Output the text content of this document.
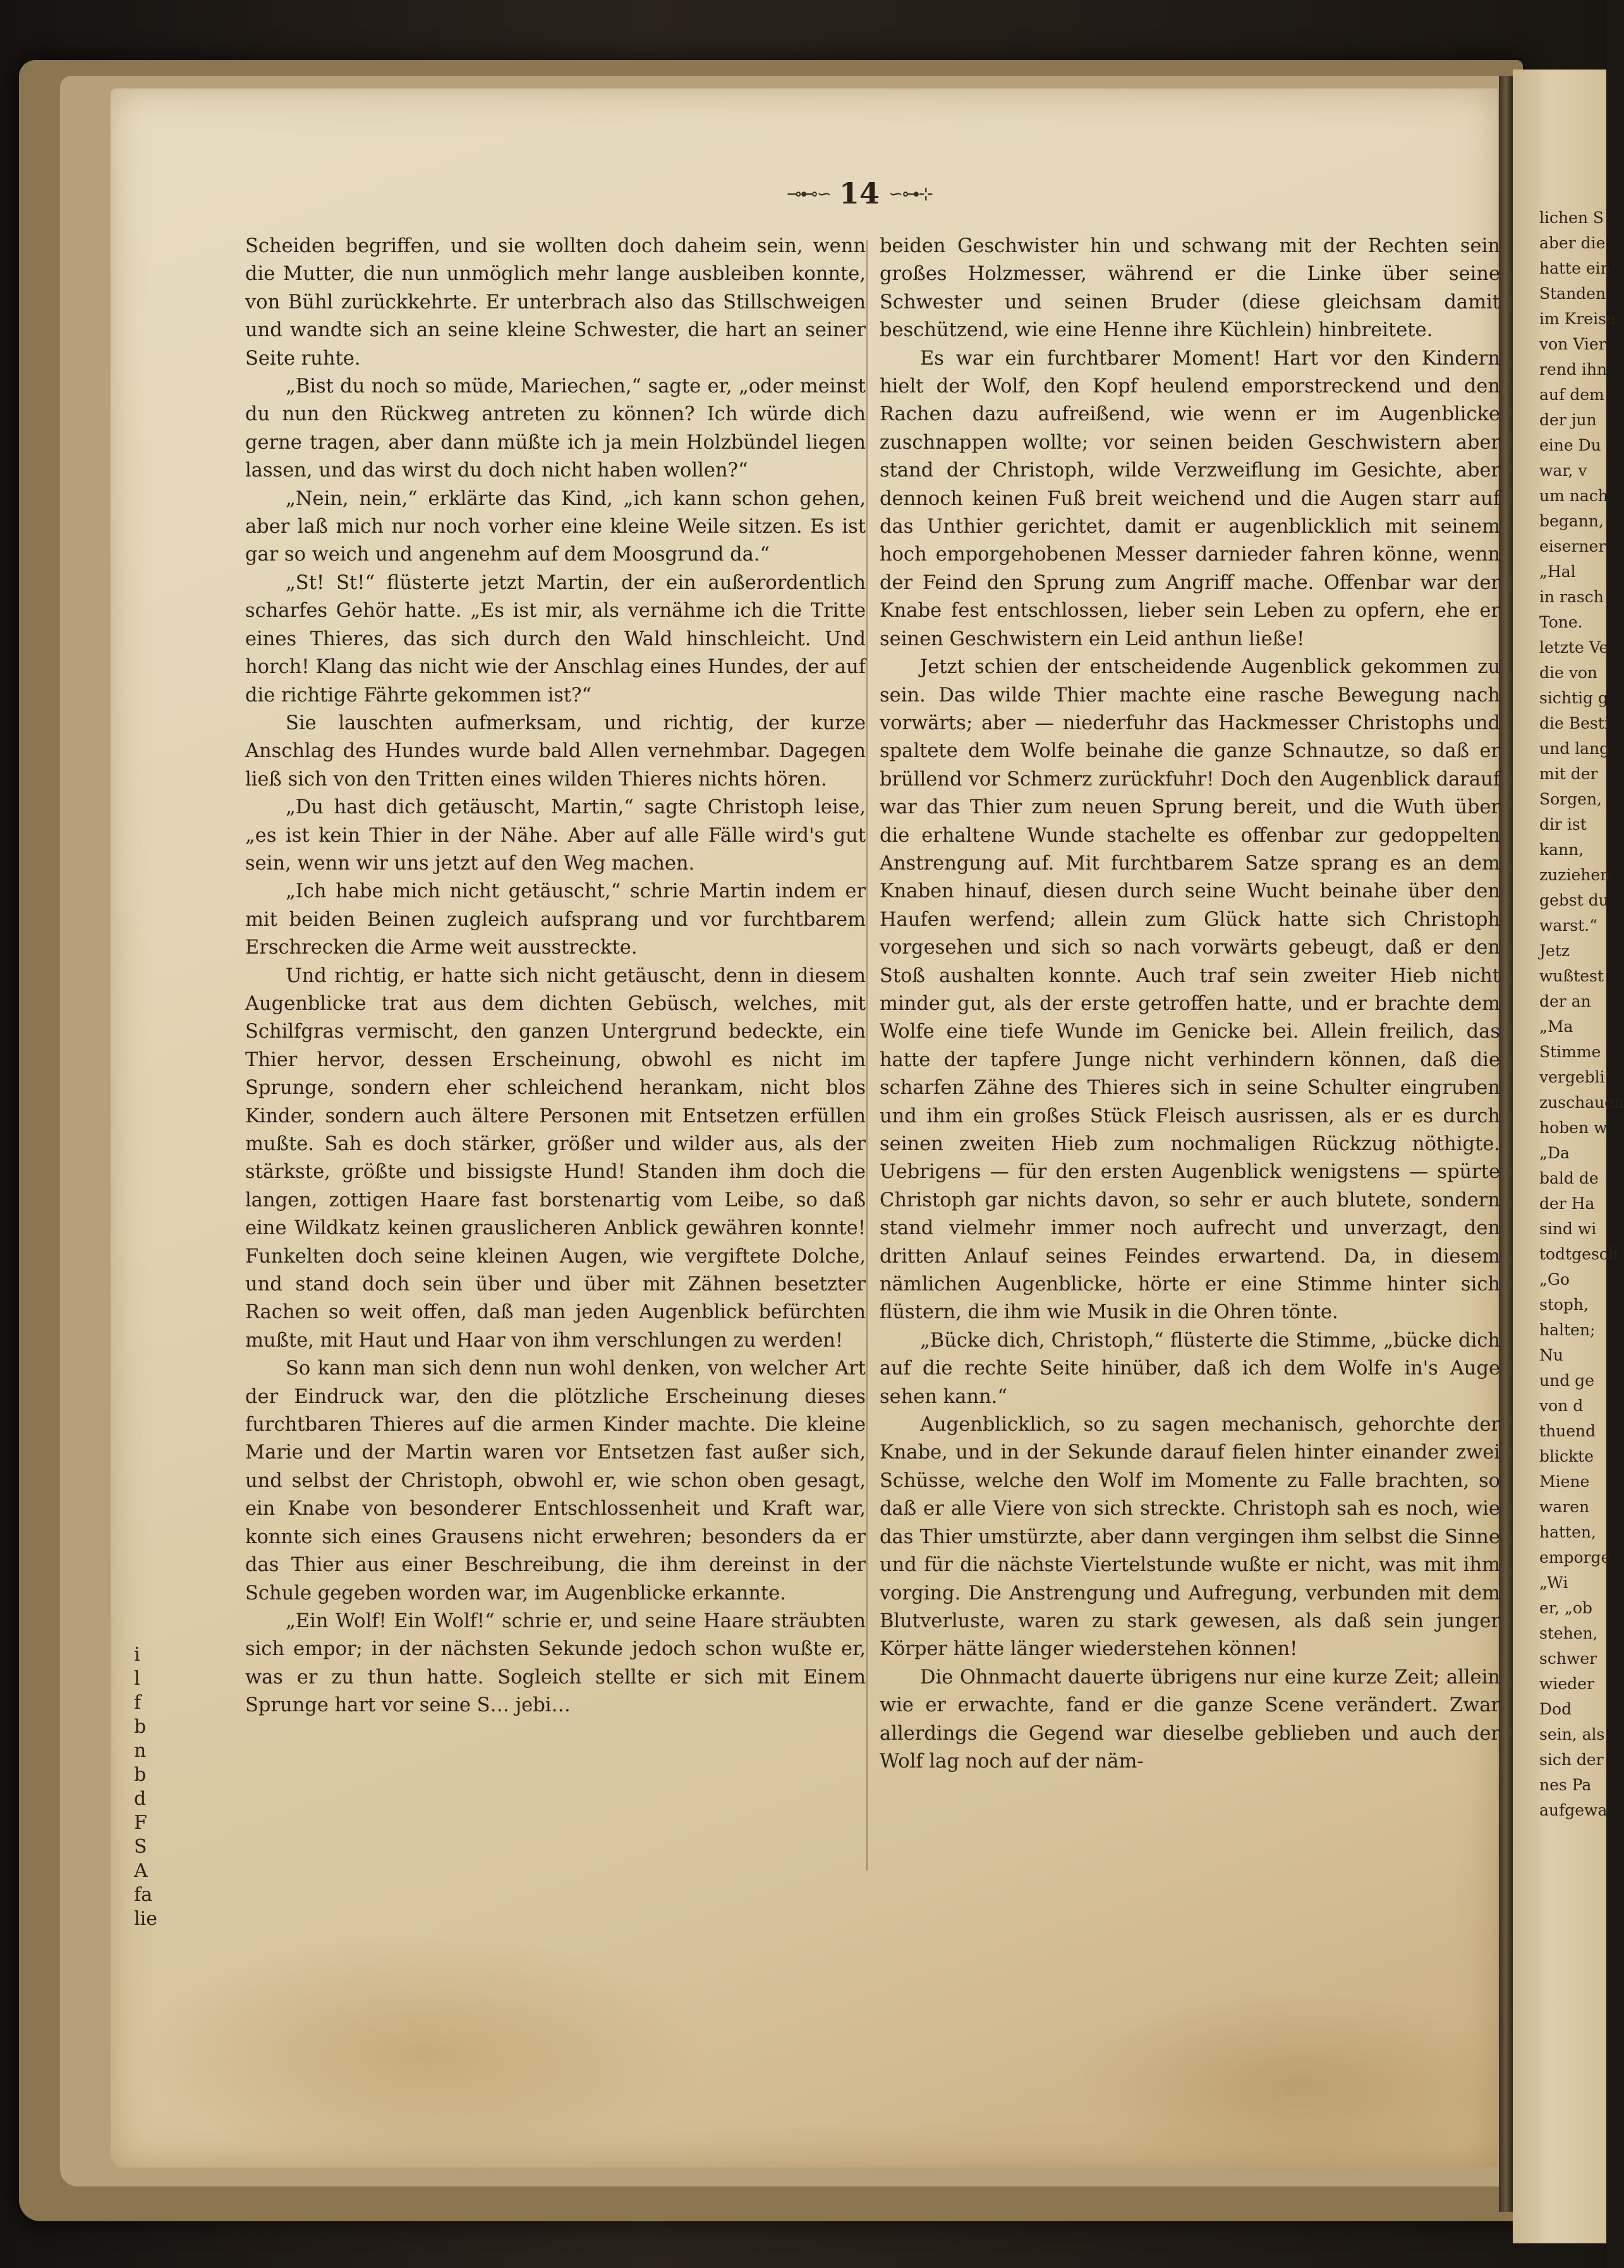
lichen S
aber die
hatte ein
Standen
im Kreise
von Vier
rend ihn
auf dem
der jun
eine Du
war, v
um nach
begann,
eiserner
„Hal
in rasch
Tone.
letzte Ve
die von
sichtig g
die Besti
und lang
mit der
Sorgen,
dir ist
kann,
zuziehen
gebst du
warst.“
Jetz
wußtest
der an
„Ma
Stimme
vergebli
zuschauen
hoben w
„Da
bald de
der Ha
sind wi
todtgesch
„Go
stoph,
halten;
Nu
und ge
von d
thuend
blickte
Miene
waren
hatten,
emporge
„Wi
er, „ob
stehen,
schwer
wieder
Dod
sein, als
sich der
nes Pa
aufgewa
⊸⊷∽ 14 ∽⊶⊹

Scheiden begriffen, und sie wollten doch daheim sein, wenn die Mutter, die nun unmöglich mehr lange ausbleiben konnte, von Bühl zurückkehrte. Er unterbrach also das Stillschweigen und wandte sich an seine kleine Schwester, die hart an seiner Seite ruhte.

„Bist du noch so müde, Mariechen,“ sagte er, „oder meinst du nun den Rückweg antreten zu können? Ich würde dich gerne tragen, aber dann müßte ich ja mein Holzbündel liegen lassen, und das wirst du doch nicht haben wollen?“

„Nein, nein,“ erklärte das Kind, „ich kann schon gehen, aber laß mich nur noch vorher eine kleine Weile sitzen. Es ist gar so weich und angenehm auf dem Moosgrund da.“

„St! St!“ flüsterte jetzt Martin, der ein außerordentlich scharfes Gehör hatte. „Es ist mir, als vernähme ich die Tritte eines Thieres, das sich durch den Wald hinschleicht. Und horch! Klang das nicht wie der Anschlag eines Hundes, der auf die richtige Fährte gekommen ist?“

Sie lauschten aufmerksam, und richtig, der kurze Anschlag des Hundes wurde bald Allen vernehmbar. Dagegen ließ sich von den Tritten eines wilden Thieres nichts hören.

„Du hast dich getäuscht, Martin,“ sagte Christoph leise, „es ist kein Thier in der Nähe. Aber auf alle Fälle wird's gut sein, wenn wir uns jetzt auf den Weg machen.

„Ich habe mich nicht getäuscht,“ schrie Martin indem er mit beiden Beinen zugleich aufsprang und vor furchtbarem Erschrecken die Arme weit ausstreckte.

Und richtig, er hatte sich nicht getäuscht, denn in diesem Augenblicke trat aus dem dichten Gebüsch, welches, mit Schilfgras vermischt, den ganzen Untergrund bedeckte, ein Thier hervor, dessen Erscheinung, obwohl es nicht im Sprunge, sondern eher schleichend herankam, nicht blos Kinder, sondern auch ältere Personen mit Entsetzen erfüllen mußte. Sah es doch stärker, größer und wilder aus, als der stärkste, größte und bissigste Hund! Standen ihm doch die langen, zottigen Haare fast borstenartig vom Leibe, so daß eine Wildkatz keinen grauslicheren Anblick gewähren konnte! Funkelten doch seine kleinen Augen, wie vergiftete Dolche, und stand doch sein über und über mit Zähnen besetzter Rachen so weit offen, daß man jeden Augenblick befürchten mußte, mit Haut und Haar von ihm verschlungen zu werden!

So kann man sich denn nun wohl denken, von welcher Art der Eindruck war, den die plötzliche Erscheinung dieses furchtbaren Thieres auf die armen Kinder machte. Die kleine Marie und der Martin waren vor Entsetzen fast außer sich, und selbst der Christoph, obwohl er, wie schon oben gesagt, ein Knabe von besonderer Entschlossenheit und Kraft war, konnte sich eines Grausens nicht erwehren; besonders da er das Thier aus einer Beschreibung, die ihm dereinst in der Schule gegeben worden war, im Augenblicke erkannte.

„Ein Wolf! Ein Wolf!“ schrie er, und seine Haare sträubten sich empor; in der nächsten Sekunde jedoch schon wußte er, was er zu thun hatte. Sogleich stellte er sich mit Einem Sprunge hart vor seine S… jebi…

beiden Geschwister hin und schwang mit der Rechten sein großes Holzmesser, während er die Linke über seine Schwester und seinen Bruder (diese gleichsam damit beschützend, wie eine Henne ihre Küchlein) hinbreitete.

Es war ein furchtbarer Moment! Hart vor den Kindern hielt der Wolf, den Kopf heulend emporstreckend und den Rachen dazu aufreißend, wie wenn er im Augenblicke zuschnappen wollte; vor seinen beiden Geschwistern aber stand der Christoph, wilde Verzweiflung im Gesichte, aber dennoch keinen Fuß breit weichend und die Augen starr auf das Unthier gerichtet, damit er augenblicklich mit seinem hoch emporgehobenen Messer darnieder fahren könne, wenn der Feind den Sprung zum Angriff mache. Offenbar war der Knabe fest entschlossen, lieber sein Leben zu opfern, ehe er seinen Geschwistern ein Leid anthun ließe!

Jetzt schien der entscheidende Augenblick gekommen zu sein. Das wilde Thier machte eine rasche Bewegung nach vorwärts; aber — niederfuhr das Hackmesser Christophs und spaltete dem Wolfe beinahe die ganze Schnautze, so daß er brüllend vor Schmerz zurückfuhr! Doch den Augenblick darauf war das Thier zum neuen Sprung bereit, und die Wuth über die erhaltene Wunde stachelte es offenbar zur gedoppelten Anstrengung auf. Mit furchtbarem Satze sprang es an dem Knaben hinauf, diesen durch seine Wucht beinahe über den Haufen werfend; allein zum Glück hatte sich Christoph vorgesehen und sich so nach vorwärts gebeugt, daß er den Stoß aushalten konnte. Auch traf sein zweiter Hieb nicht minder gut, als der erste getroffen hatte, und er brachte dem Wolfe eine tiefe Wunde im Genicke bei. Allein freilich, das hatte der tapfere Junge nicht verhindern können, daß die scharfen Zähne des Thieres sich in seine Schulter eingruben und ihm ein großes Stück Fleisch ausrissen, als er es durch seinen zweiten Hieb zum nochmaligen Rückzug nöthigte. Uebrigens — für den ersten Augenblick wenigstens — spürte Christoph gar nichts davon, so sehr er auch blutete, sondern stand vielmehr immer noch aufrecht und unverzagt, den dritten Anlauf seines Feindes erwartend. Da, in diesem nämlichen Augenblicke, hörte er eine Stimme hinter sich flüstern, die ihm wie Musik in die Ohren tönte.

„Bücke dich, Christoph,“ flüsterte die Stimme, „bücke dich auf die rechte Seite hinüber, daß ich dem Wolfe in's Auge sehen kann.“

Augenblicklich, so zu sagen mechanisch, gehorchte der Knabe, und in der Sekunde darauf fielen hinter einander zwei Schüsse, welche den Wolf im Momente zu Falle brachten, so daß er alle Viere von sich streckte. Christoph sah es noch, wie das Thier umstürzte, aber dann vergingen ihm selbst die Sinne und für die nächste Viertelstunde wußte er nicht, was mit ihm vorging. Die Anstrengung und Aufregung, verbunden mit dem Blutverluste, waren zu stark gewesen, als daß sein junger Körper hätte länger wiederstehen können!

Die Ohnmacht dauerte übrigens nur eine kurze Zeit; allein wie er erwachte, fand er die ganze Scene verändert. Zwar allerdings die Gegend war dieselbe geblieben und auch der Wolf lag noch auf der näm-

i
l
f
b
n
b
d
F
S
A
fa
lie
